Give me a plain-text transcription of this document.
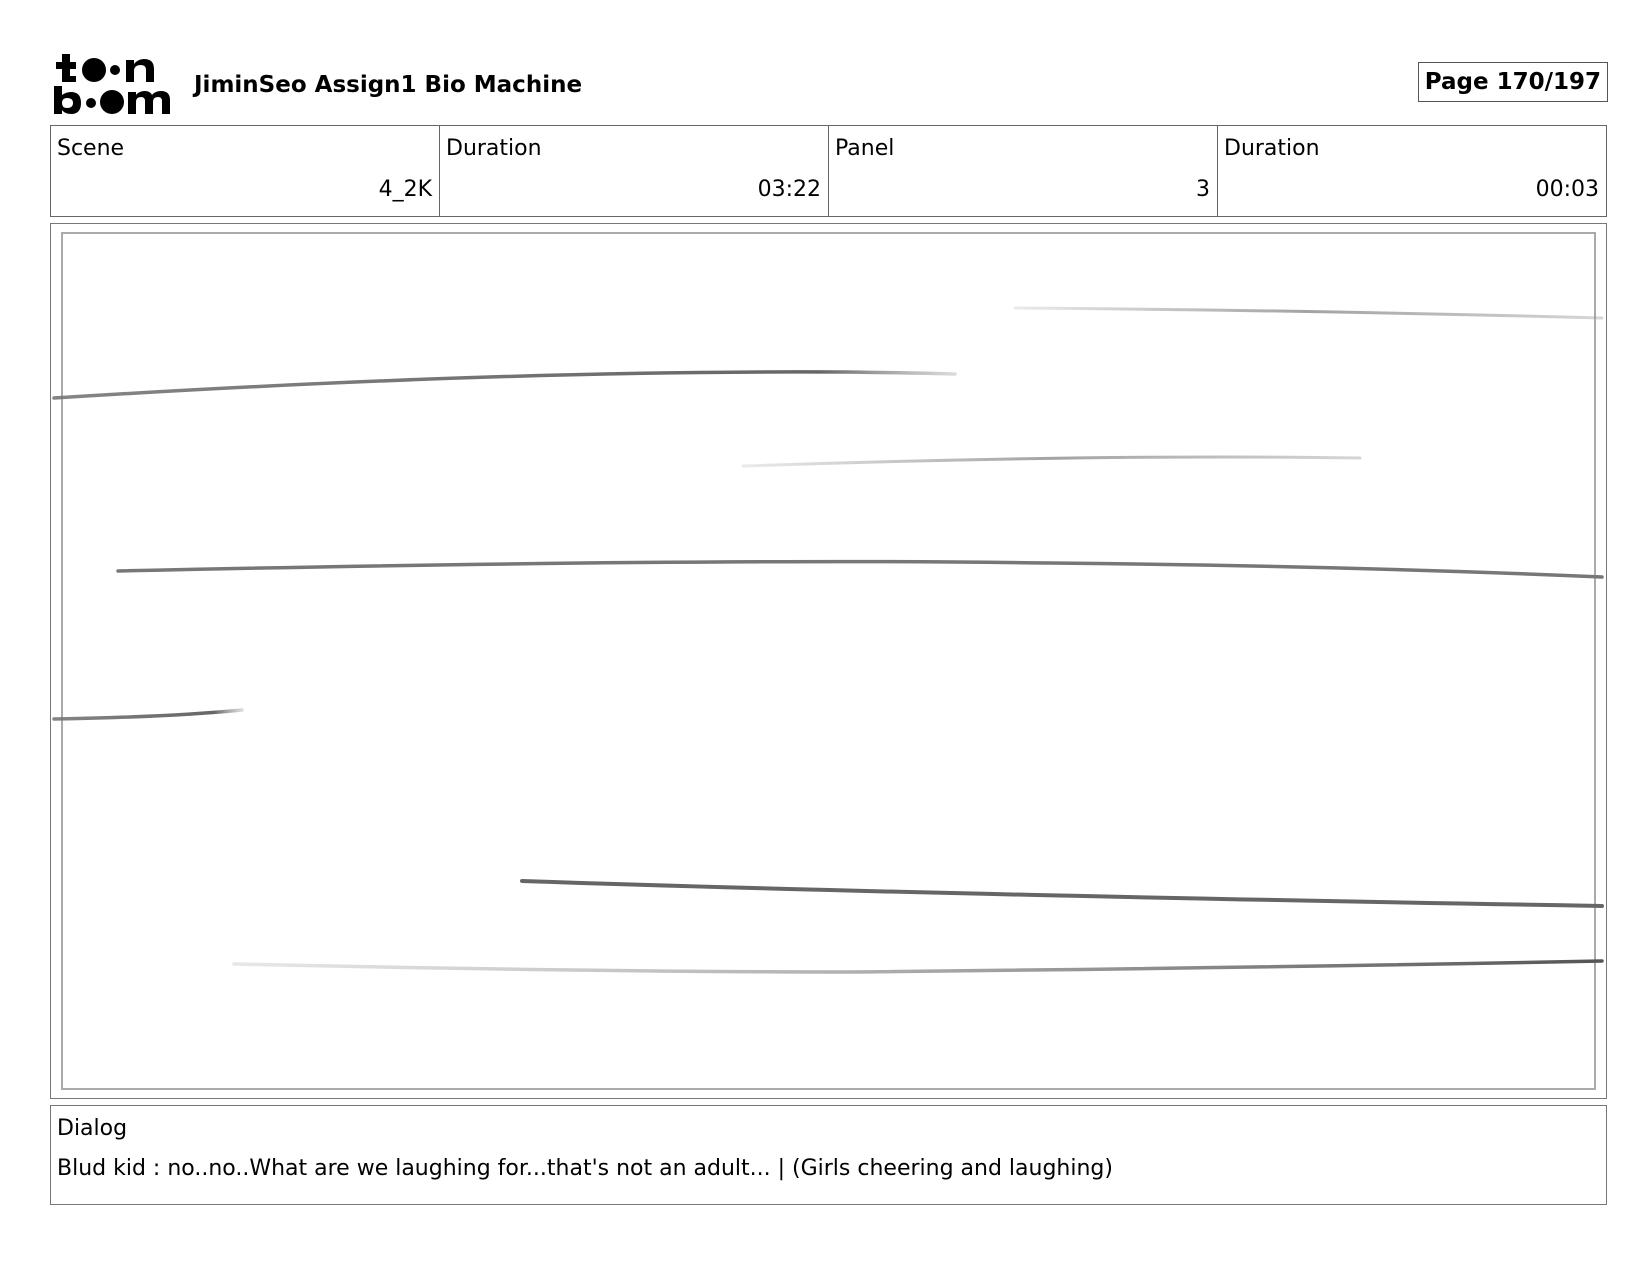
JiminSeo Assign1 Bio Machine	Page 170/197
Scene
4_2K
Duration
03:22
Panel
3
Duration
00:03
Dialog
Blud kid : no..no..What are we laughing for...that's not an adult... | (Girls cheering and laughing)
